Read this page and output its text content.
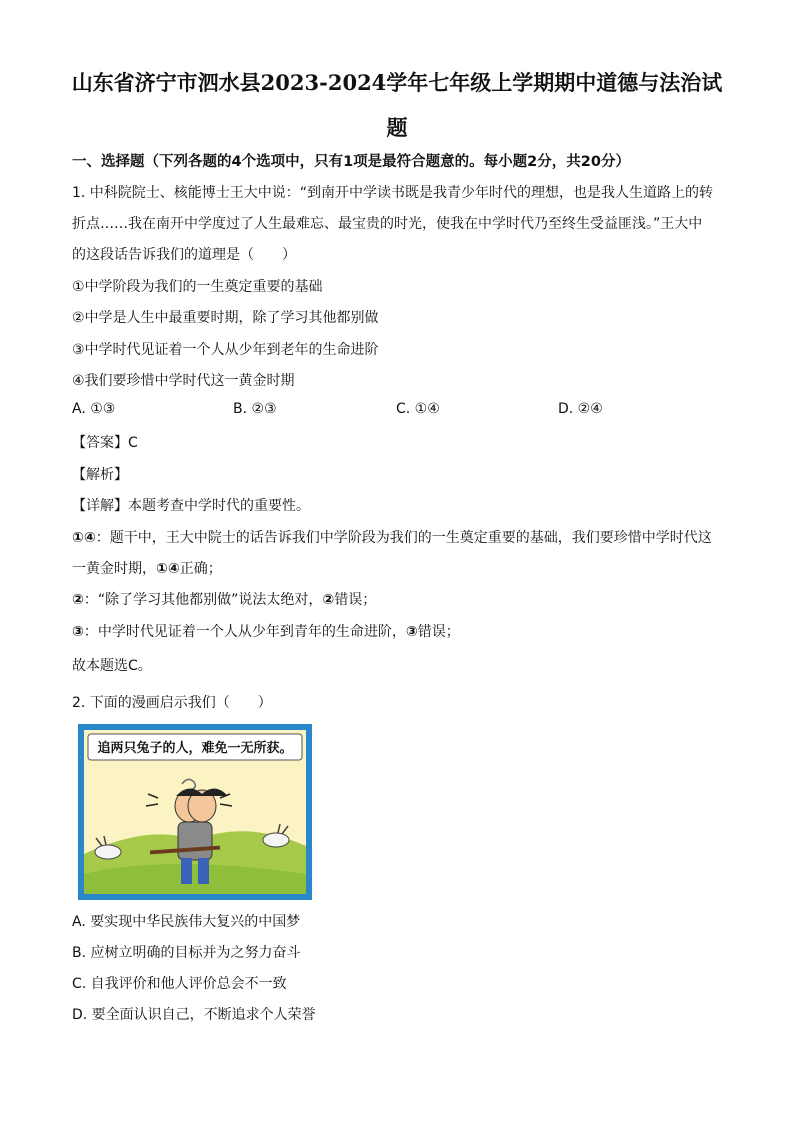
山东省济宁市泗水县2023-2024学年七年级上学期期中道德与法治试
题
一、选择题（下列各题的4个选项中，只有1项是最符合题意的。每小题2分，共20分）
1. 中科院院士、核能博士王大中说：“到南开中学读书既是我青少年时代的理想，也是我人生道路上的转
折点……我在南开中学度过了人生最难忘、最宝贵的时光，使我在中学时代乃至终生受益匪浅。”王大中
的这段话告诉我们的道理是（　　）
①中学阶段为我们的一生奠定重要的基础
②中学是人生中最重要时期，除了学习其他都别做
③中学时代见证着一个人从少年到老年的生命进阶
④我们要珍惜中学时代这一黄金时期
A. ①③	B. ②③	C. ①④	D. ②④
【答案】C
【解析】
【详解】本题考查中学时代的重要性。
①④：题干中，王大中院士的话告诉我们中学阶段为我们的一生奠定重要的基础，我们要珍惜中学时代这
一黄金时期，①④正确；
②：“除了学习其他都别做”说法太绝对，②错误；
③：中学时代见证着一个人从少年到青年的生命进阶，③错误；
故本题选C。
2. 下面的漫画启示我们（　　）
追两只兔子的人，难免一无所获。
A. 要实现中华民族伟大复兴的中国梦
B. 应树立明确的目标并为之努力奋斗
C. 自我评价和他人评价总会不一致
D. 要全面认识自己，不断追求个人荣誉
